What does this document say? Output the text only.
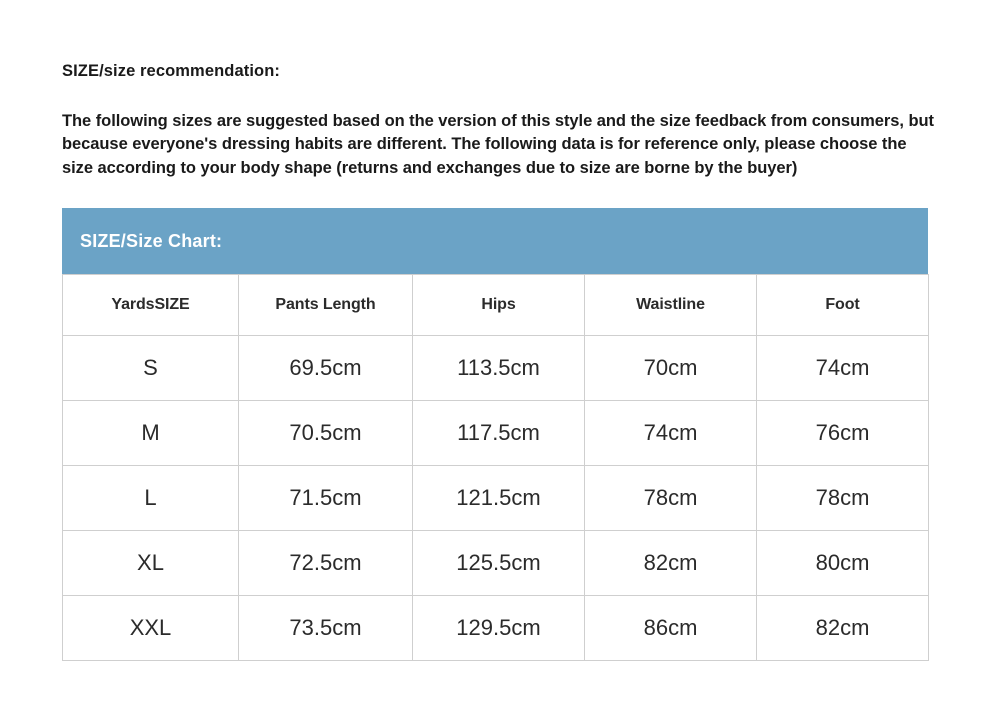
SIZE/size recommendation:

The following sizes are suggested based on the version of this style and the size feedback from consumers, but because everyone's dressing habits are different. The following data is for reference only, please choose the size according to your body shape (returns and exchanges due to size are borne by the buyer)

SIZE/Size Chart:
YardsSIZE	Pants Length	Hips	Waistline	Foot
S	69.5cm	113.5cm	70cm	74cm
M	70.5cm	117.5cm	74cm	76cm
L	71.5cm	121.5cm	78cm	78cm
XL	72.5cm	125.5cm	82cm	80cm
XXL	73.5cm	129.5cm	86cm	82cm
